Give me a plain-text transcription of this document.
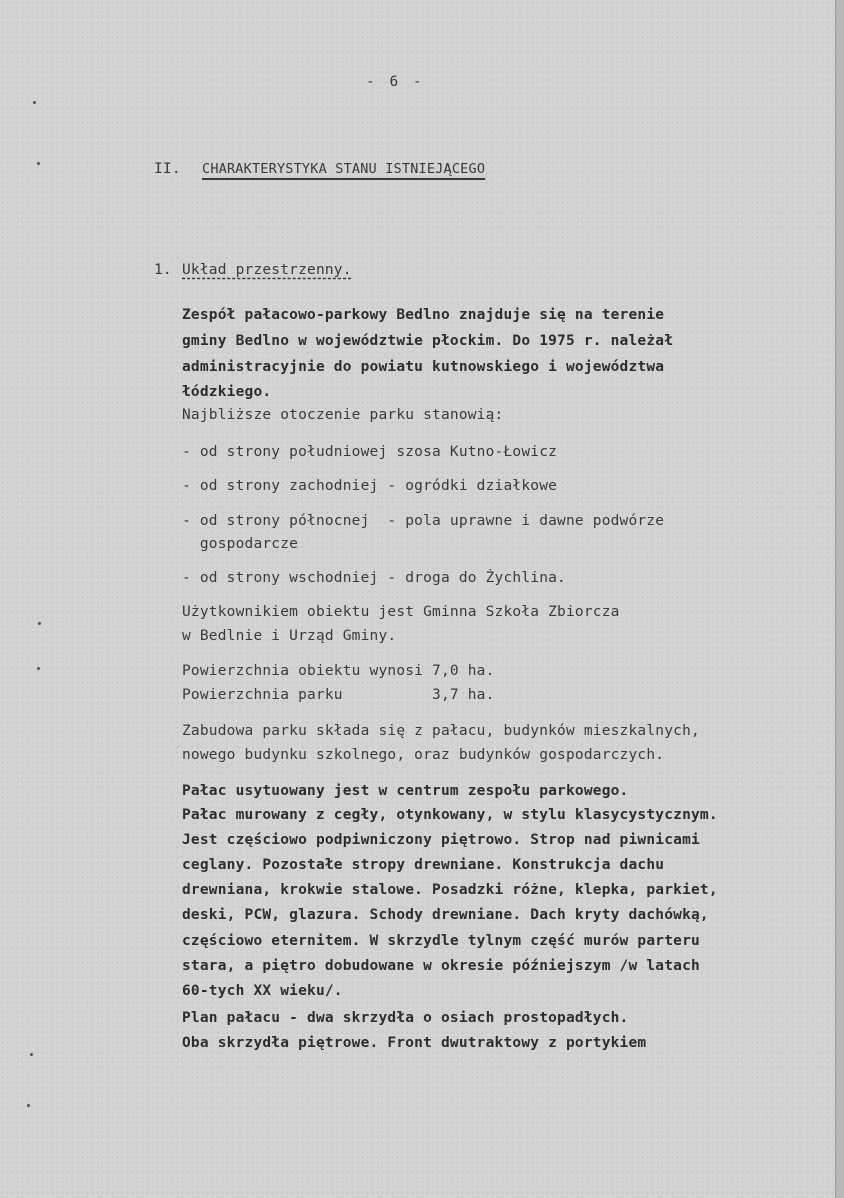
- 6 -

II. CHARAKTERYSTYKA STANU ISTNIEJĄCEGO

1. Układ przestrzenny.

Zespół pałacowo-parkowy Bedlno znajduje się na terenie

gminy Bedlno w województwie płockim. Do 1975 r. należał

administracyjnie do powiatu kutnowskiego i województwa

łódzkiego.

Najbliższe otoczenie parku stanowią:

- od strony południowej szosa Kutno-Łowicz

- od strony zachodniej - ogródki działkowe

- od strony północnej  - pola uprawne i dawne podwórze

gospodarcze

- od strony wschodniej - droga do Żychlina.

Użytkownikiem obiektu jest Gminna Szkoła Zbiorcza

w Bedlnie i Urząd Gminy.

Powierzchnia obiektu wynosi 7,0 ha.

Powierzchnia parku          3,7 ha.

Zabudowa parku składa się z pałacu, budynków mieszkalnych,

nowego budynku szkolnego, oraz budynków gospodarczych.

Pałac usytuowany jest w centrum zespołu parkowego.

Pałac murowany z cegły, otynkowany, w stylu klasycystycznym.

Jest częściowo podpiwniczony piętrowo. Strop nad piwnicami

ceglany. Pozostałe stropy drewniane. Konstrukcja dachu

drewniana, krokwie stalowe. Posadzki różne, klepka, parkiet,

deski, PCW, glazura. Schody drewniane. Dach kryty dachówką,

częściowo eternitem. W skrzydle tylnym część murów parteru

stara, a piętro dobudowane w okresie późniejszym /w latach

60-tych XX wieku/.

Plan pałacu - dwa skrzydła o osiach prostopadłych.

Oba skrzydła piętrowe. Front dwutraktowy z portykiem
